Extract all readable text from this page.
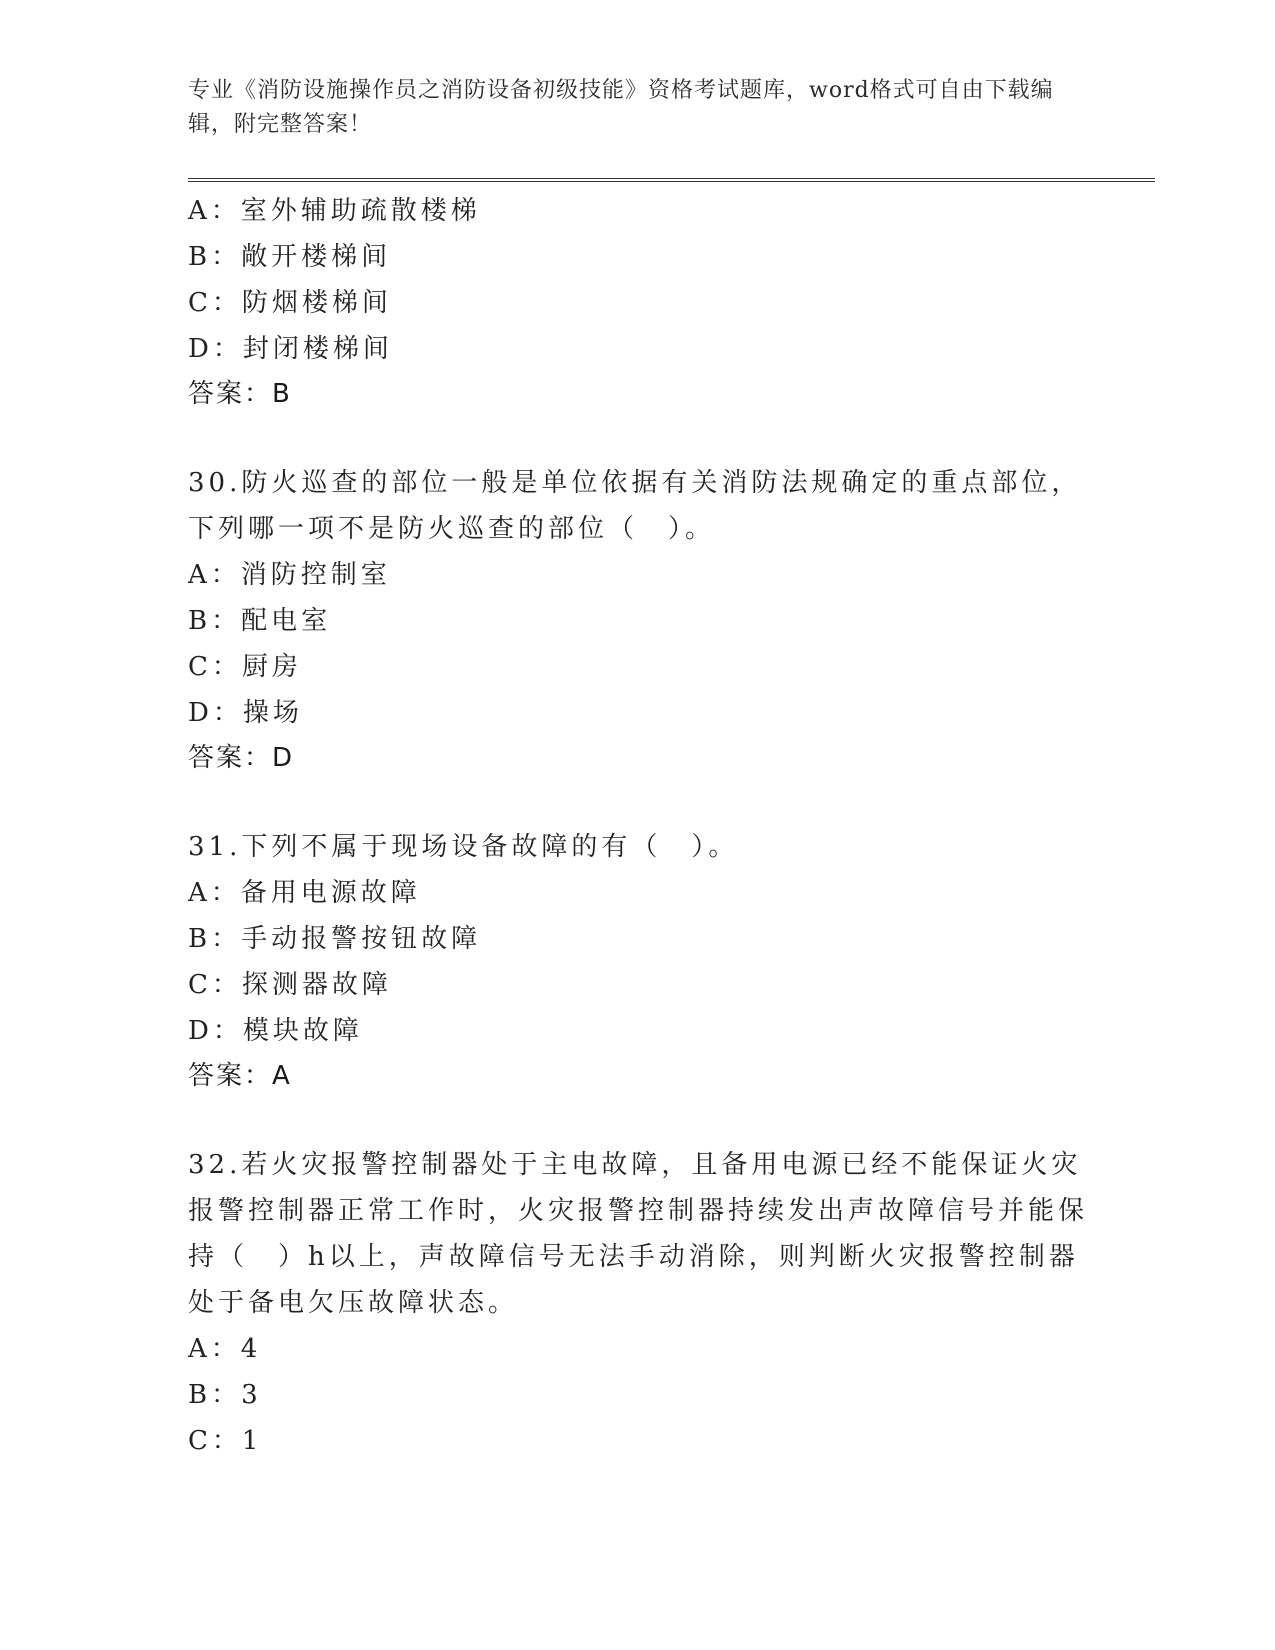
专业《消防设施操作员之消防设备初级技能》资格考试题库，word格式可自由下载编辑，附完整答案！
A：室外辅助疏散楼梯
B：敞开楼梯间
C：防烟楼梯间
D：封闭楼梯间
答案：B
30.防火巡查的部位一般是单位依据有关消防法规确定的重点部位，下列哪一项不是防火巡查的部位（　）。
A：消防控制室
B：配电室
C：厨房
D：操场
答案：D
31.下列不属于现场设备故障的有（　）。
A：备用电源故障
B：手动报警按钮故障
C：探测器故障
D：模块故障
答案：A
32.若火灾报警控制器处于主电故障，且备用电源已经不能保证火灾报警控制器正常工作时，火灾报警控制器持续发出声故障信号并能保持（　）h以上，声故障信号无法手动消除，则判断火灾报警控制器处于备电欠压故障状态。
A：4
B：3
C：1
